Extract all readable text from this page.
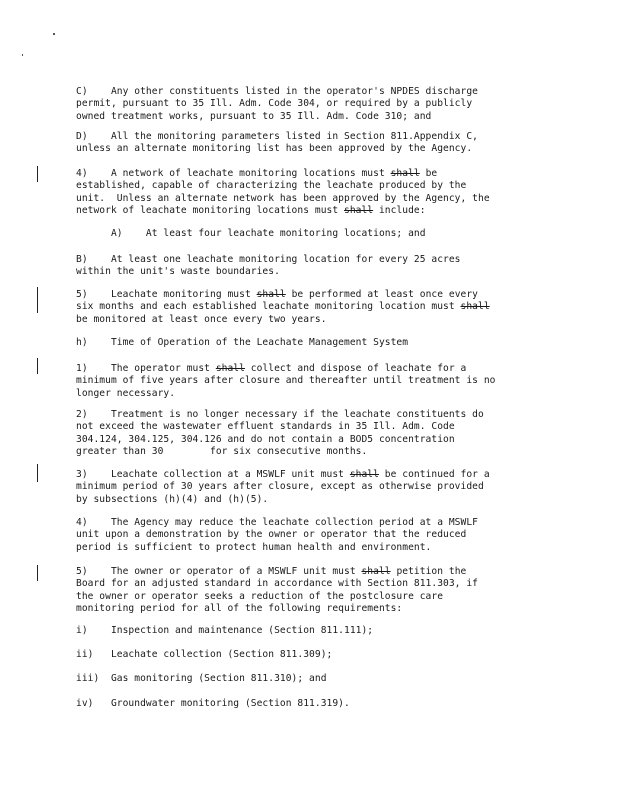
C)    Any other constituents listed in the operator's NPDES discharge
permit, pursuant to 35 Ill. Adm. Code 304, or required by a publicly
owned treatment works, pursuant to 35 Ill. Adm. Code 310; and
D)    All the monitoring parameters listed in Section 811.Appendix C,
unless an alternate monitoring list has been approved by the Agency.
4)    A network of leachate monitoring locations must shall be
established, capable of characterizing the leachate produced by the
unit.  Unless an alternate network has been approved by the Agency, the
network of leachate monitoring locations must shall include:
A)    At least four leachate monitoring locations; and
B)    At least one leachate monitoring location for every 25 acres
within the unit's waste boundaries.
5)    Leachate monitoring must shall be performed at least once every
six months and each established leachate monitoring location must shall
be monitored at least once every two years.
h)    Time of Operation of the Leachate Management System
1)    The operator must shall collect and dispose of leachate for a
minimum of five years after closure and thereafter until treatment is no
longer necessary.
2)    Treatment is no longer necessary if the leachate constituents do
not exceed the wastewater effluent standards in 35 Ill. Adm. Code
304.124, 304.125, 304.126 and do not contain a BOD5 concentration
greater than 30        for six consecutive months.
3)    Leachate collection at a MSWLF unit must shall be continued for a
minimum period of 30 years after closure, except as otherwise provided
by subsections (h)(4) and (h)(5).
4)    The Agency may reduce the leachate collection period at a MSWLF
unit upon a demonstration by the owner or operator that the reduced
period is sufficient to protect human health and environment.
5)    The owner or operator of a MSWLF unit must shall petition the
Board for an adjusted standard in accordance with Section 811.303, if
the owner or operator seeks a reduction of the postclosure care
monitoring period for all of the following requirements:
i)    Inspection and maintenance (Section 811.111);
ii)   Leachate collection (Section 811.309);
iii)  Gas monitoring (Section 811.310); and
iv)   Groundwater monitoring (Section 811.319).
